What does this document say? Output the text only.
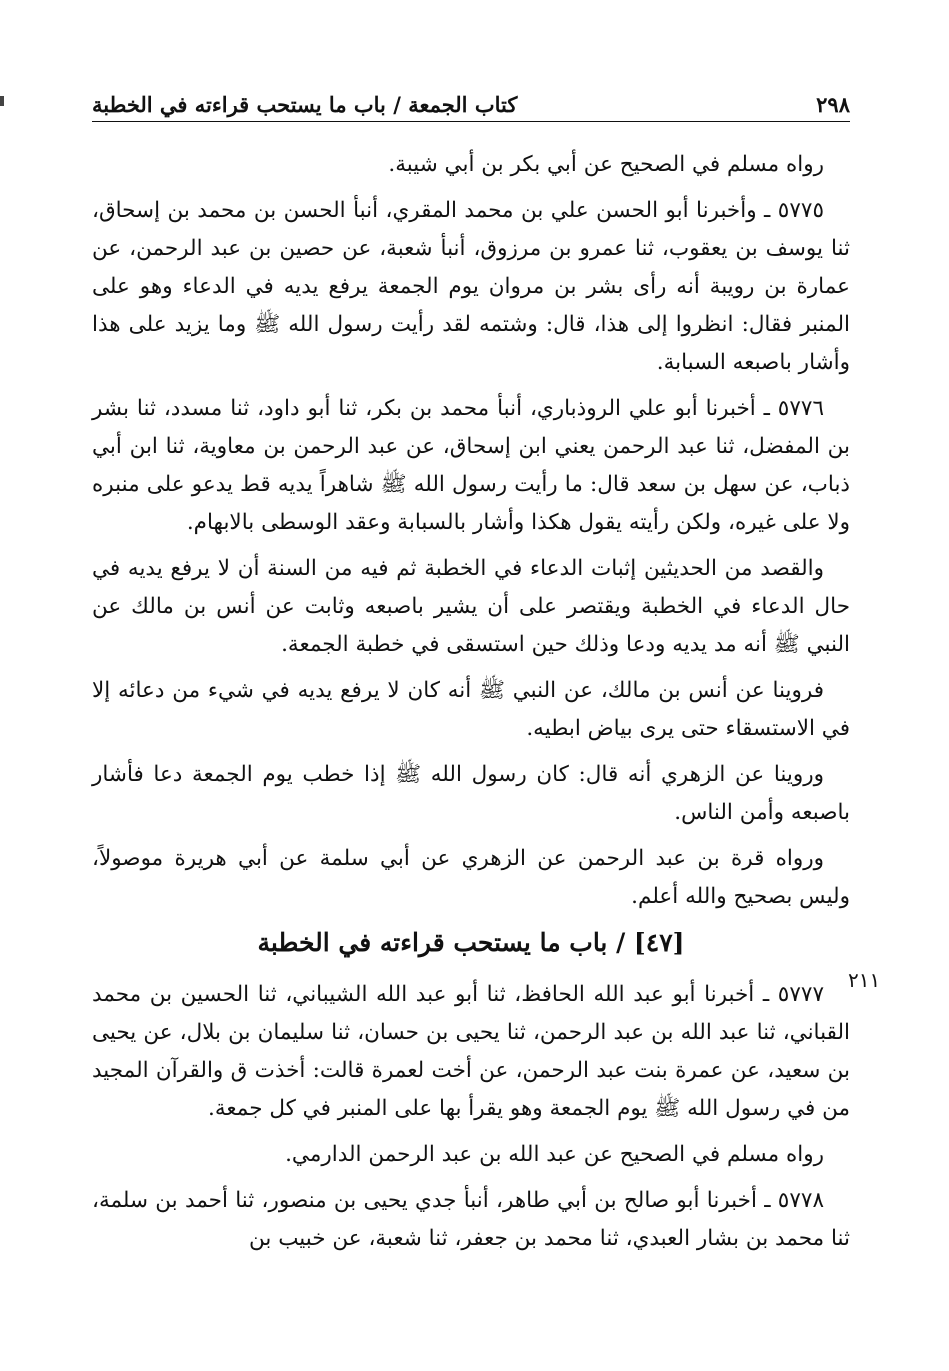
٢٩٨
كتاب الجمعة / باب ما يستحب قراءته في الخطبة
٢١١

رواه مسلم في الصحيح عن أبي بكر بن أبي شيبة.

٥٧٧٥ ـ وأخبرنا أبو الحسن علي بن محمد المقري، أنبأ الحسن بن محمد بن إسحاق، ثنا يوسف بن يعقوب، ثنا عمرو بن مرزوق، أنبأ شعبة، عن حصين بن عبد الرحمن، عن عمارة بن رويبة أنه رأى بشر بن مروان يوم الجمعة يرفع يديه في الدعاء وهو على المنبر فقال: انظروا إلى هذا، قال: وشتمه لقد رأيت رسول الله ﷺ وما يزيد على هذا وأشار باصبعه السبابة.

٥٧٧٦ ـ أخبرنا أبو علي الروذباري، أنبأ محمد بن بكر، ثنا أبو داود، ثنا مسدد، ثنا بشر بن المفضل، ثنا عبد الرحمن يعني ابن إسحاق، عن عبد الرحمن بن معاوية، ثنا ابن أبي ذباب، عن سهل بن سعد قال: ما رأيت رسول الله ﷺ شاهراً يديه قط يدعو على منبره ولا على غيره، ولكن رأيته يقول هكذا وأشار بالسبابة وعقد الوسطى بالابهام.

والقصد من الحديثين إثبات الدعاء في الخطبة ثم فيه من السنة أن لا يرفع يديه في حال الدعاء في الخطبة ويقتصر على أن يشير باصبعه وثابت عن أنس بن مالك عن النبي ﷺ أنه مد يديه ودعا وذلك حين استسقى في خطبة الجمعة.

فروينا عن أنس بن مالك، عن النبي ﷺ أنه كان لا يرفع يديه في شيء من دعائه إلا في الاستسقاء حتى يرى بياض ابطيه.

وروينا عن الزهري أنه قال: كان رسول الله ﷺ إذا خطب يوم الجمعة دعا فأشار باصبعه وأمن الناس.

ورواه قرة بن عبد الرحمن عن الزهري عن أبي سلمة عن أبي هريرة موصولاً، وليس بصحيح والله أعلم.

[٤٧] / باب ما يستحب قراءته في الخطبة

٥٧٧٧ ـ أخبرنا أبو عبد الله الحافظ، ثنا أبو عبد الله الشيباني، ثنا الحسين بن محمد القباني، ثنا عبد الله بن عبد الرحمن، ثنا يحيى بن حسان، ثنا سليمان بن بلال، عن يحيى بن سعيد، عن عمرة بنت عبد الرحمن، عن أخت لعمرة قالت: أخذت ق والقرآن المجيد من في رسول الله ﷺ يوم الجمعة وهو يقرأ بها على المنبر في كل جمعة.

رواه مسلم في الصحيح عن عبد الله بن عبد الرحمن الدارمي.

٥٧٧٨ ـ أخبرنا أبو صالح بن أبي طاهر، أنبأ جدي يحيى بن منصور، ثنا أحمد بن سلمة، ثنا محمد بن بشار العبدي، ثنا محمد بن جعفر، ثنا شعبة، عن خبيب بن
